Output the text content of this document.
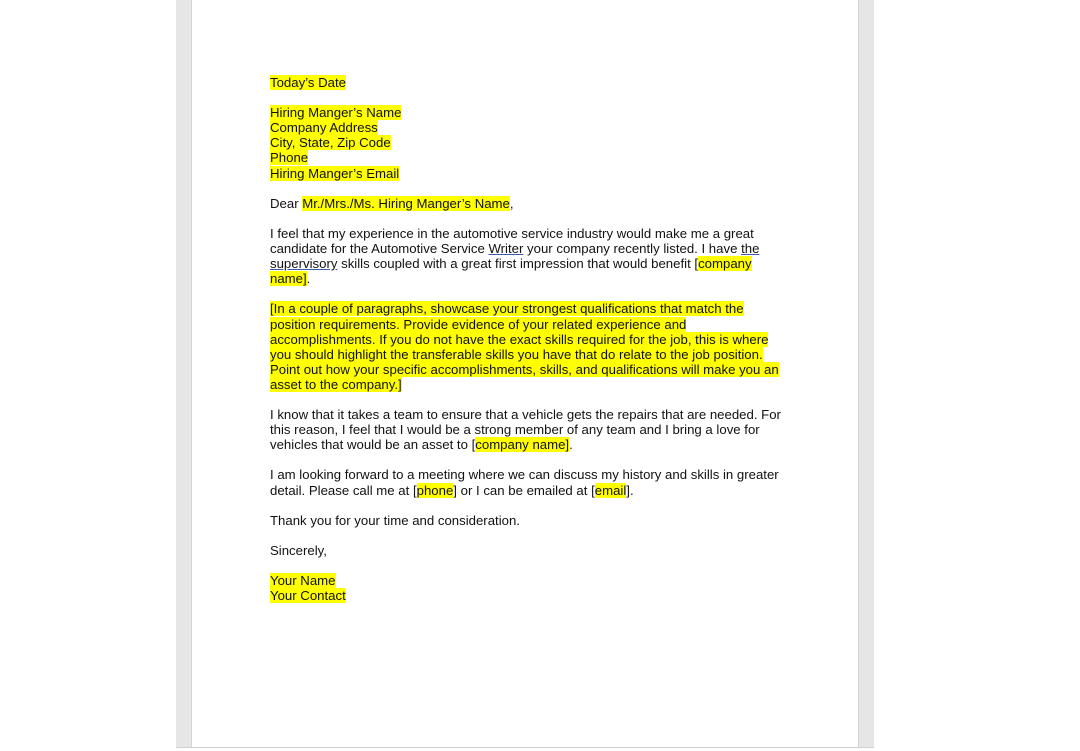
Today’s Date
Hiring Manger’s Name
Company Address
City, State, Zip Code
Phone
Hiring Manger’s Email
Dear Mr./Mrs./Ms. Hiring Manger’s Name,
I feel that my experience in the automotive service industry would make me a great
candidate for the Automotive Service Writer your company recently listed. I have the
supervisory skills coupled with a great first impression that would benefit [company
name].
[In a couple of paragraphs, showcase your strongest qualifications that match the
position requirements. Provide evidence of your related experience and
accomplishments. If you do not have the exact skills required for the job, this is where
you should highlight the transferable skills you have that do relate to the job position.
Point out how your specific accomplishments, skills, and qualifications will make you an
asset to the company.]
I know that it takes a team to ensure that a vehicle gets the repairs that are needed. For
this reason, I feel that I would be a strong member of any team and I bring a love for
vehicles that would be an asset to [company name].
I am looking forward to a meeting where we can discuss my history and skills in greater
detail. Please call me at [phone] or I can be emailed at [email].
Thank you for your time and consideration.
Sincerely,
Your Name
Your Contact
